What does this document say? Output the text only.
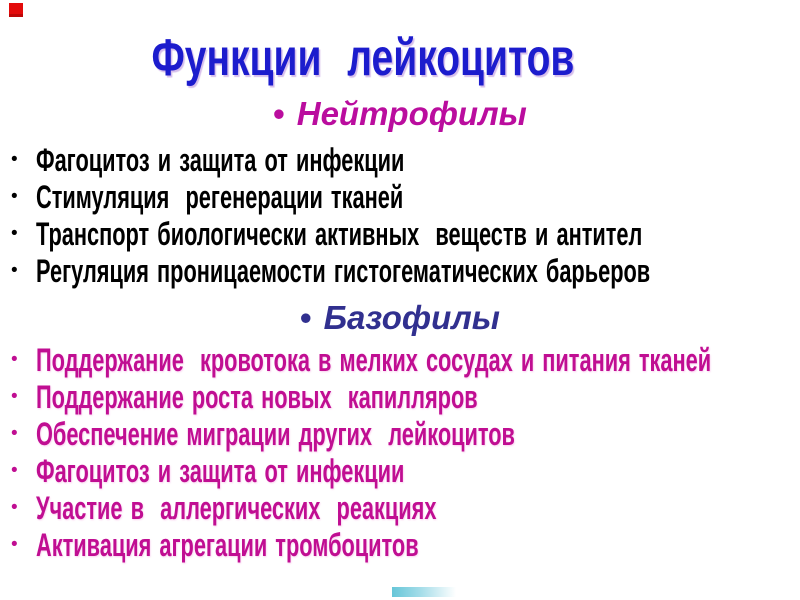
Функции лейкоцитов
• Нейтрофилы
• Фагоцитоз и защита от инфекции
• Стимуляция  регенерации тканей
• Транспорт биологически активных  веществ и антител
• Регуляция проницаемости гистогематических барьеров
• Базофилы
• Поддержание  кровотока в мелких сосудах и питания тканей
• Поддержание роста новых  капилляров
• Обеспечение миграции других  лейкоцитов
• Фагоцитоз и защита от инфекции
• Участие в  аллергических  реакциях
• Активация агрегации тромбоцитов
